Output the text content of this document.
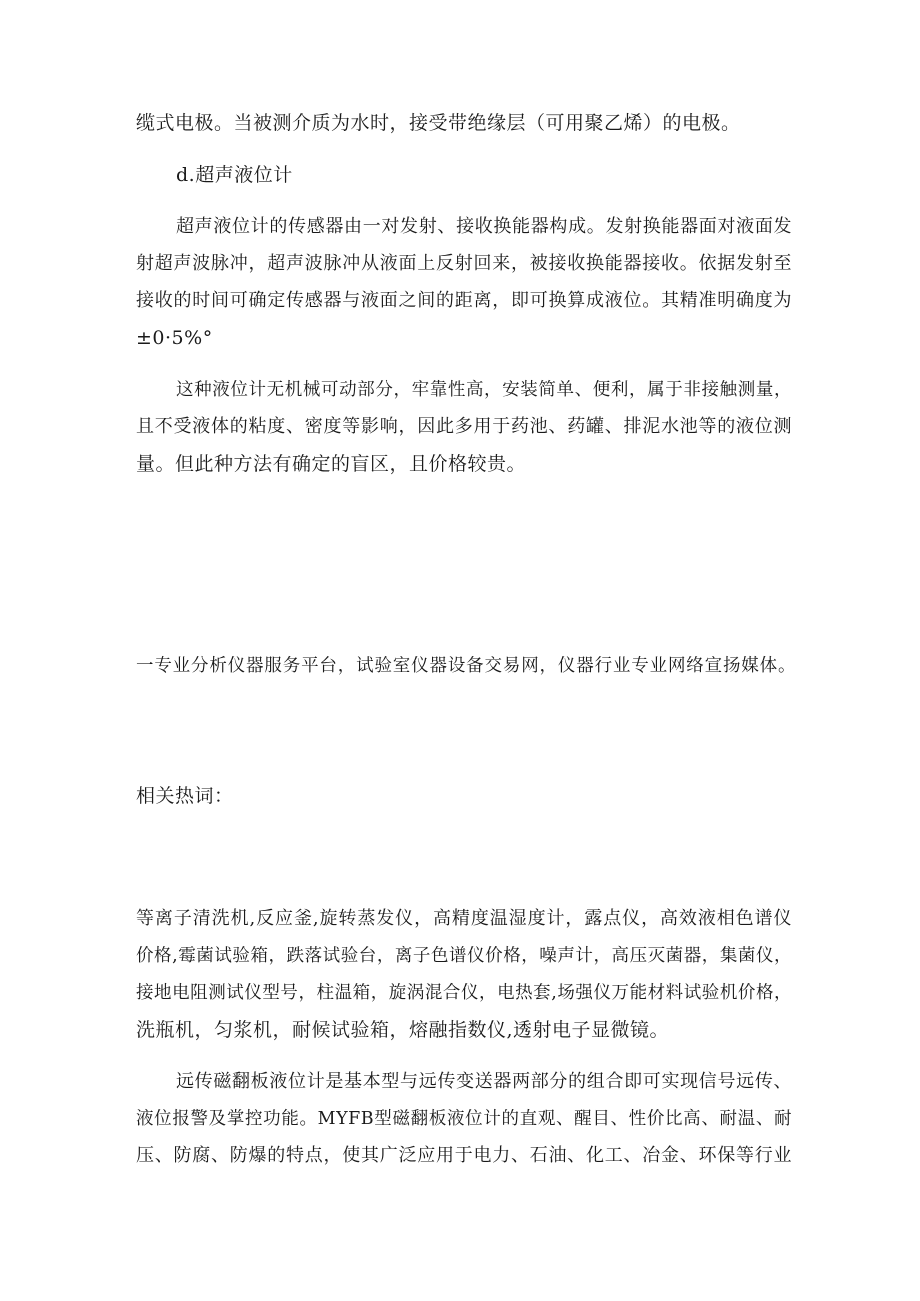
缆式电极。当被测介质为水时，接受带绝缘层（可用聚乙烯）的电极。
d.超声液位计
超声液位计的传感器由一对发射、接收换能器构成。发射换能器面对液面发
射超声波脉冲，超声波脉冲从液面上反射回来，被接收换能器接收。依据发射至
接收的时间可确定传感器与液面之间的距离，即可换算成液位。其精准明确度为
±0·5%°
这种液位计无机械可动部分，牢靠性高，安装简单、便利，属于非接触测量，
且不受液体的粘度、密度等影响，因此多用于药池、药罐、排泥水池等的液位测
量。但此种方法有确定的盲区，且价格较贵。
一专业分析仪器服务平台，试验室仪器设备交易网，仪器行业专业网络宣扬媒体。
相关热词：
等离子清洗机,反应釜,旋转蒸发仪，高精度温湿度计，露点仪，高效液相色谱仪
价格,霉菌试验箱，跌落试验台，离子色谱仪价格，噪声计，高压灭菌器，集菌仪，
接地电阻测试仪型号，柱温箱，旋涡混合仪，电热套,场强仪万能材料试验机价格，
洗瓶机，匀浆机，耐候试验箱，熔融指数仪,透射电子显微镜。
远传磁翻板液位计是基本型与远传变送器两部分的组合即可实现信号远传、
液位报警及掌控功能。MYFB型磁翻板液位计的直观、醒目、性价比高、耐温、耐
压、防腐、防爆的特点，使其广泛应用于电力、石油、化工、冶金、环保等行业
